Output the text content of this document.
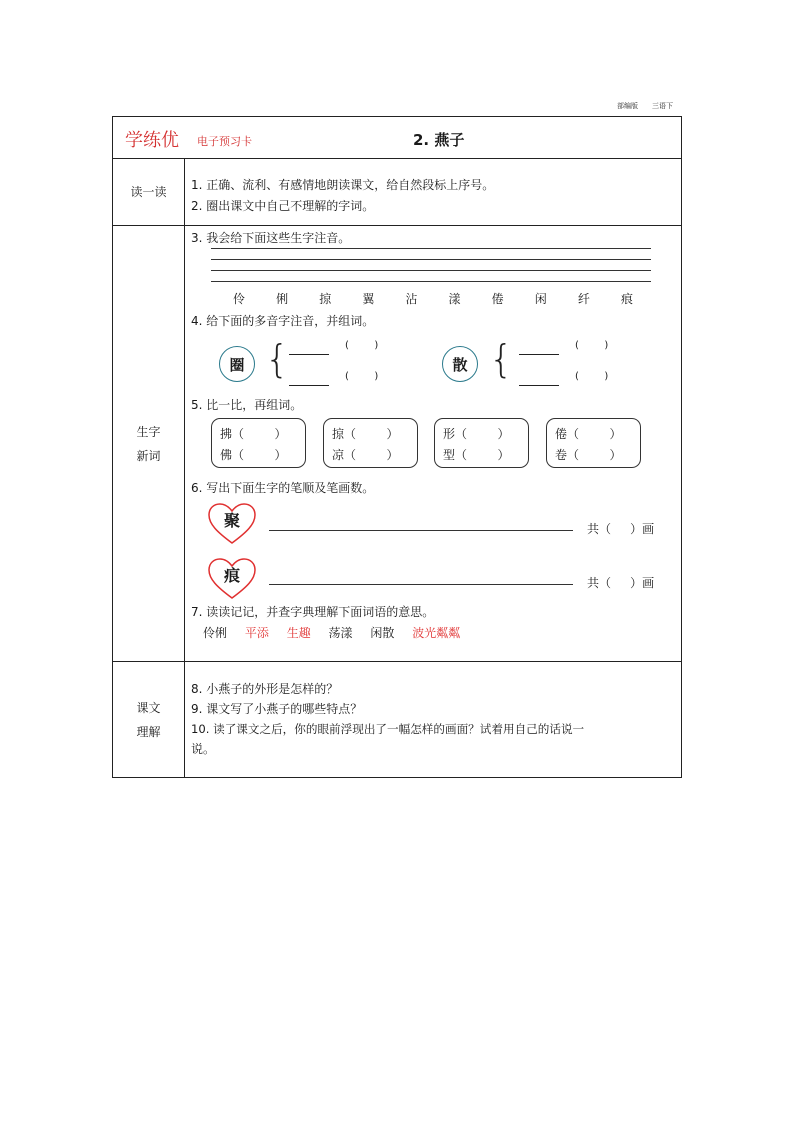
部编版 三语下
学练优 电子预习卡	2. 燕子
读一读	1. 正确、流利、有感情地朗读课文，给自然段标上序号。
2. 圈出课文中自己不理解的字词。
生字
新词
3. 我会给下面这些生字注音。
伶	俐	掠	翼	沾	漾	倦	闲	纤	痕
4. 给下面的多音字注音，并组词。
圈 {	(        )
(        )
散 {	(        )
(        )
5. 比一比，再组词。
拂（        ）
佛（        ）
掠（        ）
凉（        ）
形（        ）
型（        ）
倦（        ）
卷（        ）
6. 写出下面生字的笔顺及笔画数。
聚	共（     ）画
痕	共（     ）画
7. 读读记记，并查字典理解下面词语的意思。
伶俐 平添 生趣 荡漾 闲散 波光粼粼
课文
理解
8. 小燕子的外形是怎样的？
9. 课文写了小燕子的哪些特点？
10. 读了课文之后，你的眼前浮现出了一幅怎样的画面？试着用自己的话说一
说。
